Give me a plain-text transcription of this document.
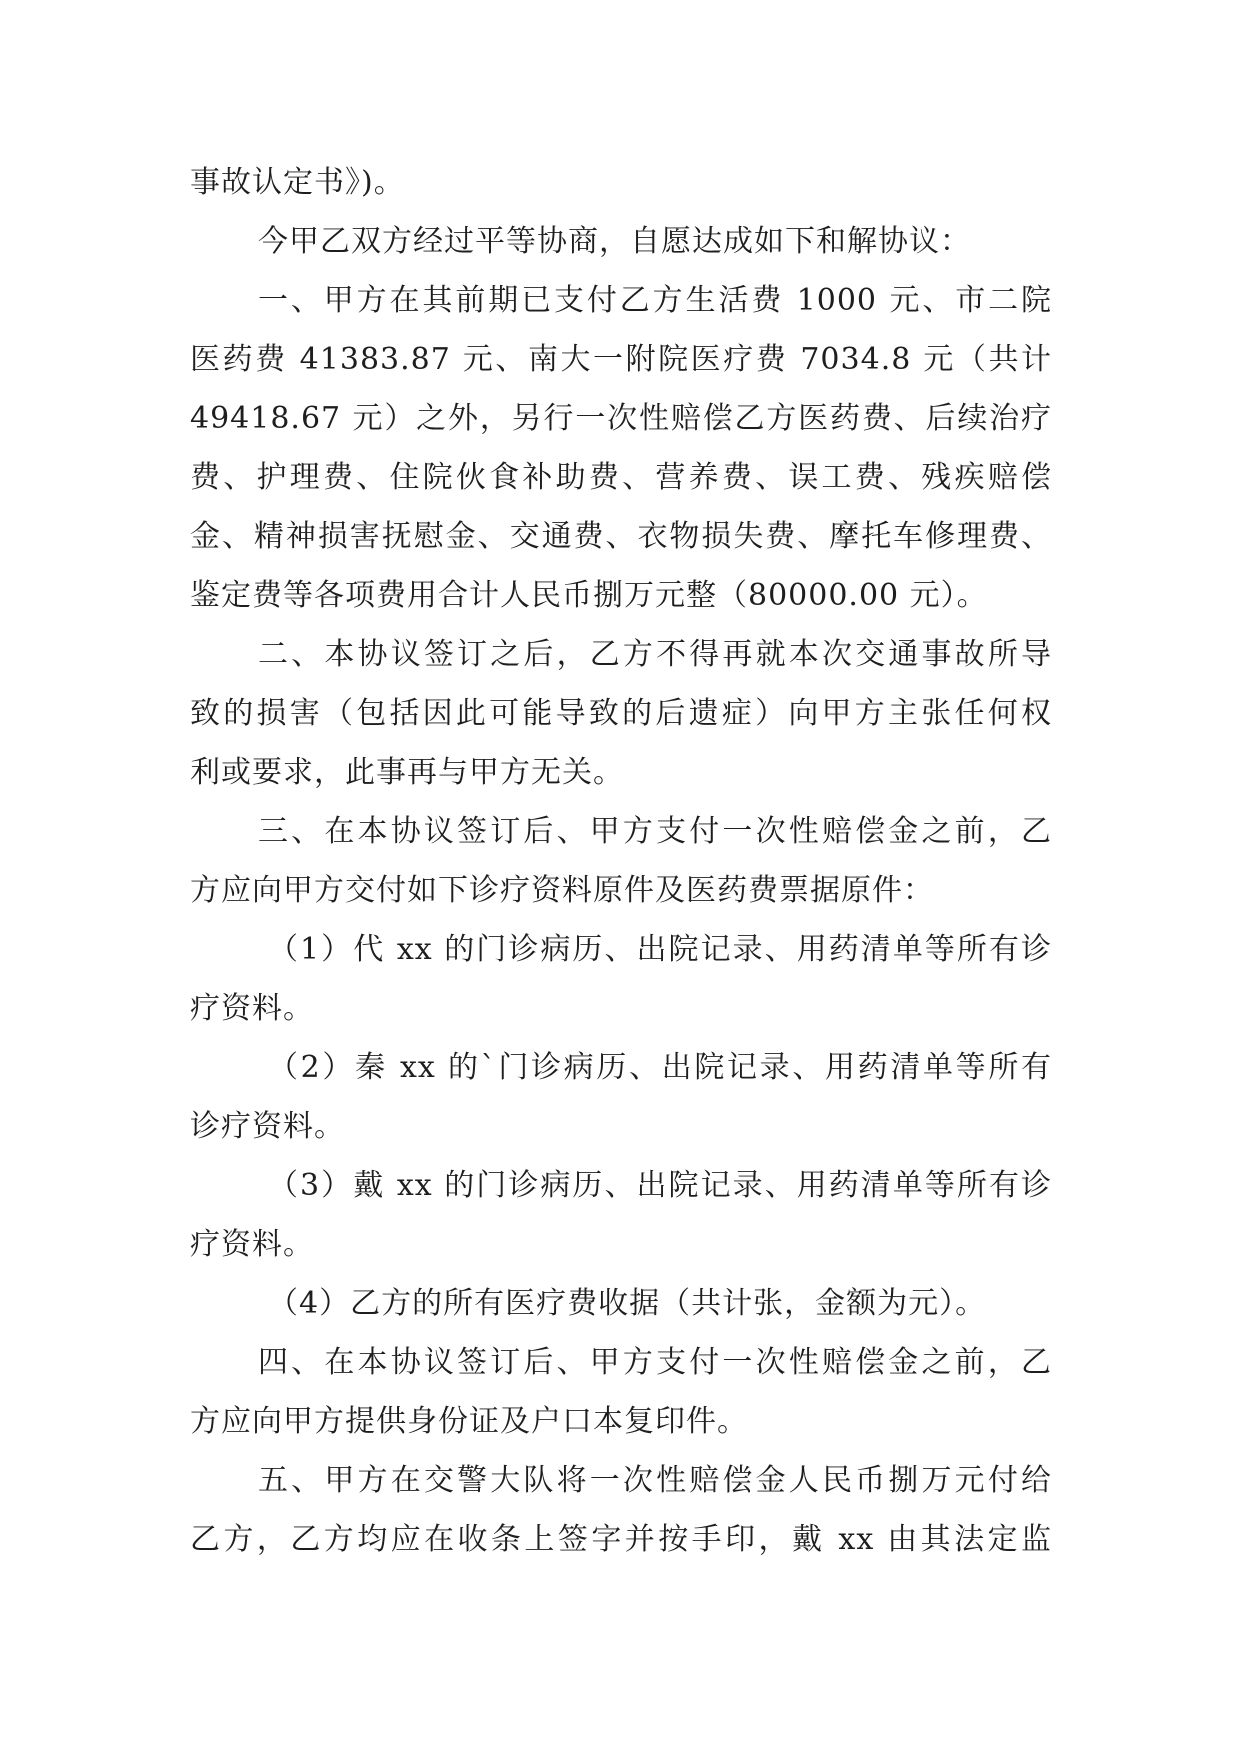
事故认定书》)。
今甲乙双方经过平等协商，自愿达成如下和解协议：
一、甲方在其前期已支付乙方生活费 1000 元、市二院
医药费 41383.87 元、南大一附院医疗费 7034.8 元（共计
49418.67 元）之外，另行一次性赔偿乙方医药费、后续治疗
费、护理费、住院伙食补助费、营养费、误工费、残疾赔偿
金、精神损害抚慰金、交通费、衣物损失费、摩托车修理费、
鉴定费等各项费用合计人民币捌万元整（80000.00 元）。
二、本协议签订之后，乙方不得再就本次交通事故所导
致的损害（包括因此可能导致的后遗症）向甲方主张任何权
利或要求，此事再与甲方无关。
三、在本协议签订后、甲方支付一次性赔偿金之前，乙
方应向甲方交付如下诊疗资料原件及医药费票据原件：
（1）代 xx 的门诊病历、出院记录、用药清单等所有诊
疗资料。
（2）秦 xx 的`门诊病历、出院记录、用药清单等所有
诊疗资料。
（3）戴 xx 的门诊病历、出院记录、用药清单等所有诊
疗资料。
（4）乙方的所有医疗费收据（共计张，金额为元）。
四、在本协议签订后、甲方支付一次性赔偿金之前，乙
方应向甲方提供身份证及户口本复印件。
五、甲方在交警大队将一次性赔偿金人民币捌万元付给
乙方，乙方均应在收条上签字并按手印，戴 xx 由其法定监
